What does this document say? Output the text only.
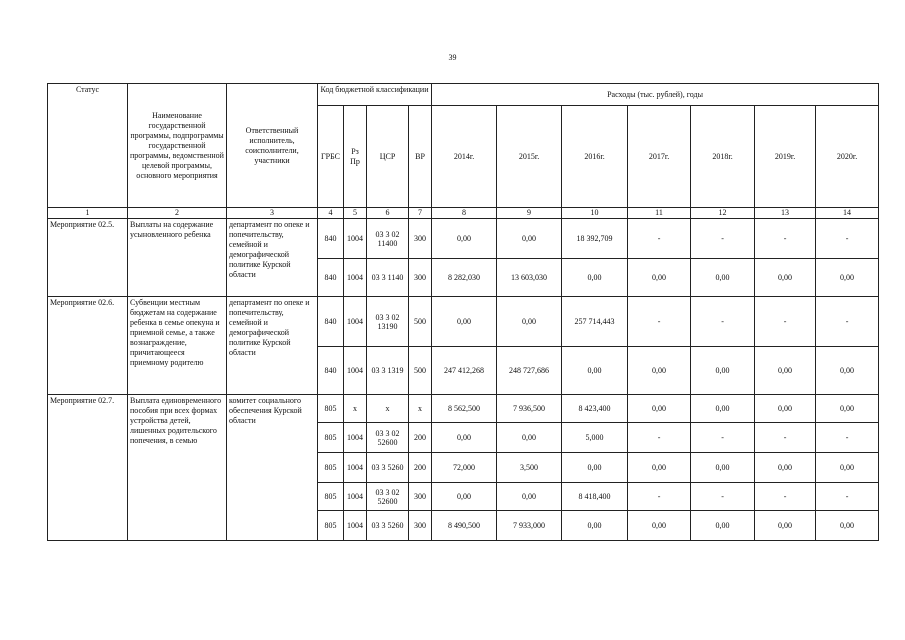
39
Статус	Наименование государственной программы, подпрограммы государственной программы, ведомственной целевой программы, основного мероприятия	Ответственный исполнитель, соисполнители, участники	Код бюджетной классификации				Расходы (тыс. рублей), годы						
			ГРБС	Рз Пр	ЦСР	ВР	2014г.	2015г.	2016г.	2017г.	2018г.	2019г.	2020г.
1	2	3	4	5	6	7	8	9	10	11	12	13	14
Мероприятие 02.5.	Выплаты на содержание усыновленного ребенка	департамент по опеке и попечительству, семейной и демографической политике Курской области	840	1004	03 3 02 11400	300	0,00	0,00	18 392,709	-	-	-	-
			840	1004	03 3 1140	300	8 282,030	13 603,030	0,00	0,00	0,00	0,00	0,00
Мероприятие 02.6.	Субвенции местным бюджетам на содержание ребенка в семье опекуна и приемной семье, а также вознаграждение, причитающееся приемному родителю	департамент по опеке и попечительству, семейной и демографической политике Курской области	840	1004	03 3 02 13190	500	0,00	0,00	257 714,443	-	-	-	-
			840	1004	03 3 1319	500	247 412,268	248 727,686	0,00	0,00	0,00	0,00	0,00
Мероприятие 02.7.	Выплата единовременного пособия при всех формах устройства детей, лишенных родительского попечения, в семью	комитет социального обеспечения Курской области	805	х	х	х	8 562,500	7 936,500	8 423,400	0,00	0,00	0,00	0,00
			805	1004	03 3 02 52600	200	0,00	0,00	5,000	-	-	-	-
			805	1004	03 3 5260	200	72,000	3,500	0,00	0,00	0,00	0,00	0,00
			805	1004	03 3 02 52600	300	0,00	0,00	8 418,400	-	-	-	-
			805	1004	03 3 5260	300	8 490,500	7 933,000	0,00	0,00	0,00	0,00	0,00
